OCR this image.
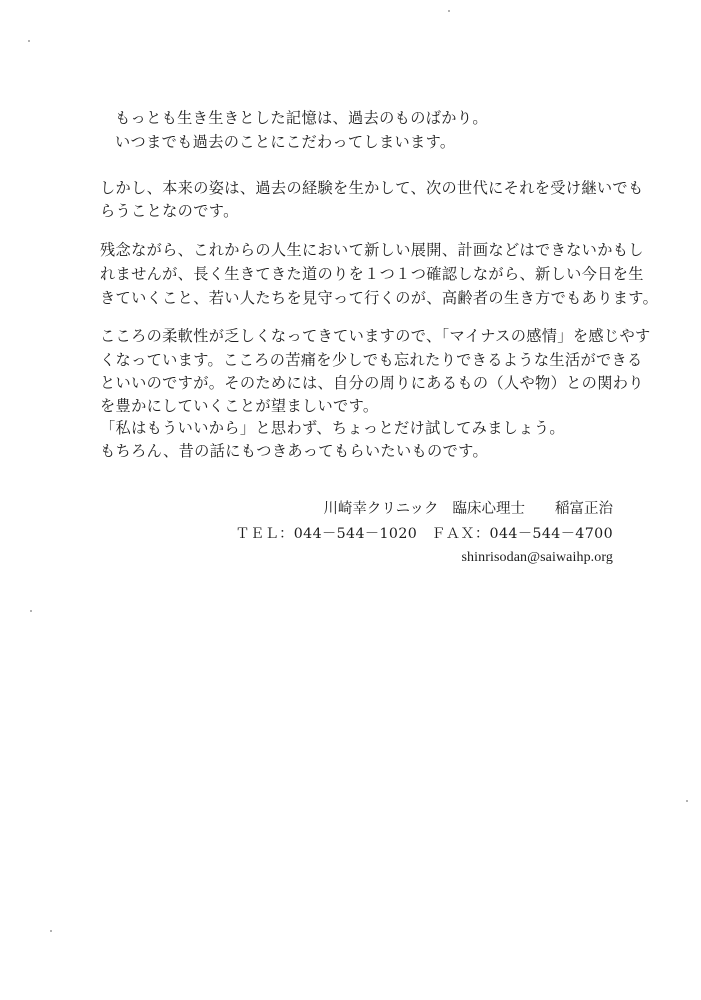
もっとも生き生きとした記憶は、過去のものばかり。
いつまでも過去のことにこだわってしまいます。
しかし、本来の姿は、過去の経験を生かして、次の世代にそれを受け継いでも
らうことなのです。
残念ながら、これからの人生において新しい展開、計画などはできないかもし
れませんが、長く生きてきた道のりを１つ１つ確認しながら、新しい今日を生
きていくこと、若い人たちを見守って行くのが、高齢者の生き方でもあります。
こころの柔軟性が乏しくなってきていますので、「マイナスの感情」を感じやす
くなっています。こころの苦痛を少しでも忘れたりできるような生活ができる
といいのですが。そのためには、自分の周りにあるもの（人や物）との関わり
を豊かにしていくことが望ましいです。
「私はもういいから」と思わず、ちょっとだけ試してみましょう。
もちろん、昔の話にもつきあってもらいたいものです。
川崎幸クリニック 臨床心理士 稲富正治
ＴＥＬ：044－544－1020 ＦＡＸ：044－544－4700
shinrisodan@saiwaihp.org
